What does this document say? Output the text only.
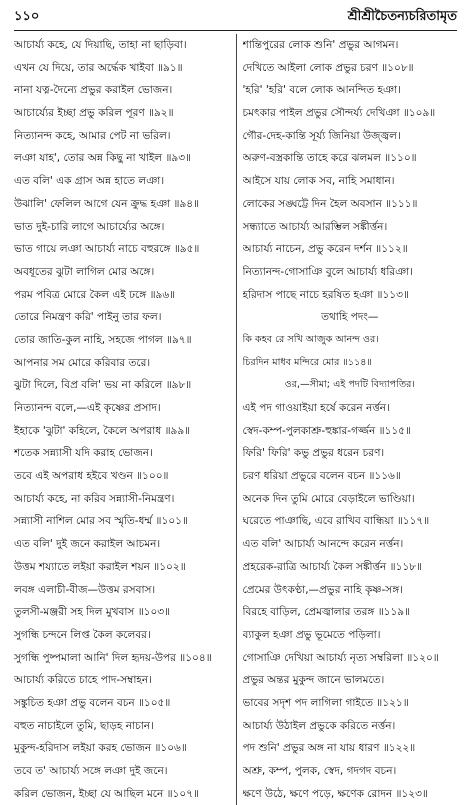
১১০	শ্রীশ্রীচৈতন্যচরিতামৃত
আচার্য্য কহে, যে দিয়াছি, তাহা না ছাড়িবা।
এখন যে দিয়ে, তার অর্দ্ধেক খাইবা ॥৯১॥
নানা যত্ন-দৈন্যে প্রভুর করাইল ভোজন।
আচার্য্যের ইচ্ছা প্রভু করিল পূরণ ॥৯২॥
নিত্যানন্দ কহে, আমার পেট না ভরিল।
লঞা যাহ', তোর অন্ন কিছু না খাইল ॥৯৩॥
এত বলি' এক গ্রাস অন্ন হাতে লঞা।
উঝালি' ফেলিল আগে যেন ক্রুদ্ধ হঞা ॥৯৪॥
ভাত দুই-চারি লাগে আচার্য্যের অঙ্গে।
ভাত গায়ে লঞা আচার্য্য নাচে বহুরঙ্গে ॥৯৫॥
অবধূতের ঝুটা লাগিল মোর অঙ্গে।
পরম পবিত্র মোরে কৈল এই ঢঙ্গে ॥৯৬॥
তোরে নিমন্ত্রণ করি' পাইনু তার ফল।
তোর জাতি-কুল নাহি, সহজে পাগল ॥৯৭॥
আপনার সম মোরে করিবার তরে।
ঝুটা দিলে, বিপ্র বলি' ভয় না করিলে ॥৯৮॥
নিত্যানন্দ বলে,—এই কৃষ্ণের প্রসাদ।
ইহাকে 'ঝুটা' কহিলে, কৈলে অপরাধ ॥৯৯॥
শতেক সন্ন্যাসী যদি করাহ ভোজন।
তবে এই অপরাধ হইবে খণ্ডন ॥১০০॥
আচার্য্য কহে, না করিব সন্ন্যাসী-নিমন্ত্রণ।
সন্ন্যাসী নাশিল মোর সব স্মৃতি-ধর্ম্ম ॥১০১॥
এত বলি' দুই জনে করাইল আচমন।
উত্তম শয্যাতে লইয়া করাইল শয়ন ॥১০২॥
লবঙ্গ এলাচী-বীজ—উত্তম রসবাস।
তুলসী-মঞ্জরী সহ দিল মুখবাস ॥১০৩॥
সুগন্ধি চন্দনে লিপ্ত কৈল কলেবর।
সুগন্ধি পুষ্পমালা আনি' দিল হৃদয়-উপর ॥১০৪॥
আচার্য্য করিতে চাহে পাদ-সম্বাহন।
সঙ্কুচিত হঞা প্রভু বলেন বচন ॥১০৫॥
বহুত নাচাইলে তুমি, ছাড়হ নাচান।
মুকুন্দ-হরিদাস লইয়া করহ ভোজন ॥১০৬॥
তবে ত' আচার্য্য সঙ্গে লঞা দুই জনে।
করিল ভোজন, ইচ্ছা যে আছিল মনে ॥১০৭॥
শান্তিপুরের লোক শুনি' প্রভুর আগমন।
দেখিতে আইলা লোক প্রভুর চরণ ॥১০৮॥
'হরি' 'হরি' বলে লোক আনন্দিত হঞা।
চমৎকার পাইল প্রভুর সৌন্দর্য্য দেখিঞা ॥১০৯॥
গৌর-দেহ-কান্তি সূর্য্য জিনিয়া উজ্জ্বল।
অরুণ-বস্ত্রকান্তি তাহে করে ঝলমল ॥১১০॥
আইসে যায় লোক সব, নাহি সমাধান।
লোকের সঙ্ঘট্টে দিন হৈল অবসান ॥১১১॥
সন্ধ্যাতে আচার্য্য আরম্ভিল সঙ্কীর্ত্তন।
আচার্য্য নাচেন, প্রভু করেন দর্শন ॥১১২॥
নিত্যানন্দ-গোসাঞি বুলে আচার্য্য ধরিঞা।
হরিদাস পাছে নাচে হরষিত হঞা ॥১১৩॥
তথাহি পদং—
কি কহব রে সখি আজুক আনন্দ ওর।
চিরদিন মাধব মন্দিরে মোর ॥১১৪॥
ওর,—সীমা; এই পদটি বিদ্যাপতির।
এই পদ গাওয়াইয়া হর্ষে করেন নর্ত্তন।
স্বেদ-কম্প-পুলকাশ্রু-হুঙ্কার-গর্জ্জন ॥১১৫॥
ফিরি' ফিরি' কভু প্রভুর ধরেন চরণ।
চরণ ধরিয়া প্রভুরে বলেন বচন ॥১১৬॥
অনেক দিন তুমি মোরে বেড়াইলে ভাণ্ডিয়া।
ঘরেতে পাঞাছি, এবে রাখিব বান্ধিয়া ॥১১৭॥
এত বলি' আচার্য্য আনন্দে করেন নর্ত্তন।
প্রহরেক-রাত্রি আচার্য্য কৈল সঙ্কীর্ত্তন ॥১১৮॥
প্রেমের উৎকণ্ঠা,—প্রভুর নাহি কৃষ্ণ-সঙ্গ।
বিরহে বাড়িল, প্রেমজ্বালার তরঙ্গ ॥১১৯॥
ব্যাকুল হঞা প্রভু ভূমেতে পড়িলা।
গোসাঞি দেখিয়া আচার্য্য নৃত্য সম্বরিলা ॥১২০॥
প্রভুর অন্তর মুকুন্দ জানে ভালমতে।
ভাবের সদৃশ পদ লাগিলা গাইতে ॥১২১॥
আচার্য্য উঠাইল প্রভুকে করিতে নর্ত্তন।
পদ শুনি' প্রভুর অঙ্গ না যায় ধারণ ॥১২২॥
অশ্রু, কম্প, পুলক, স্বেদ, গদগদ বচন।
ক্ষণে উঠে, ক্ষণে পড়ে, ক্ষণেক রোদন ॥১২৩॥
